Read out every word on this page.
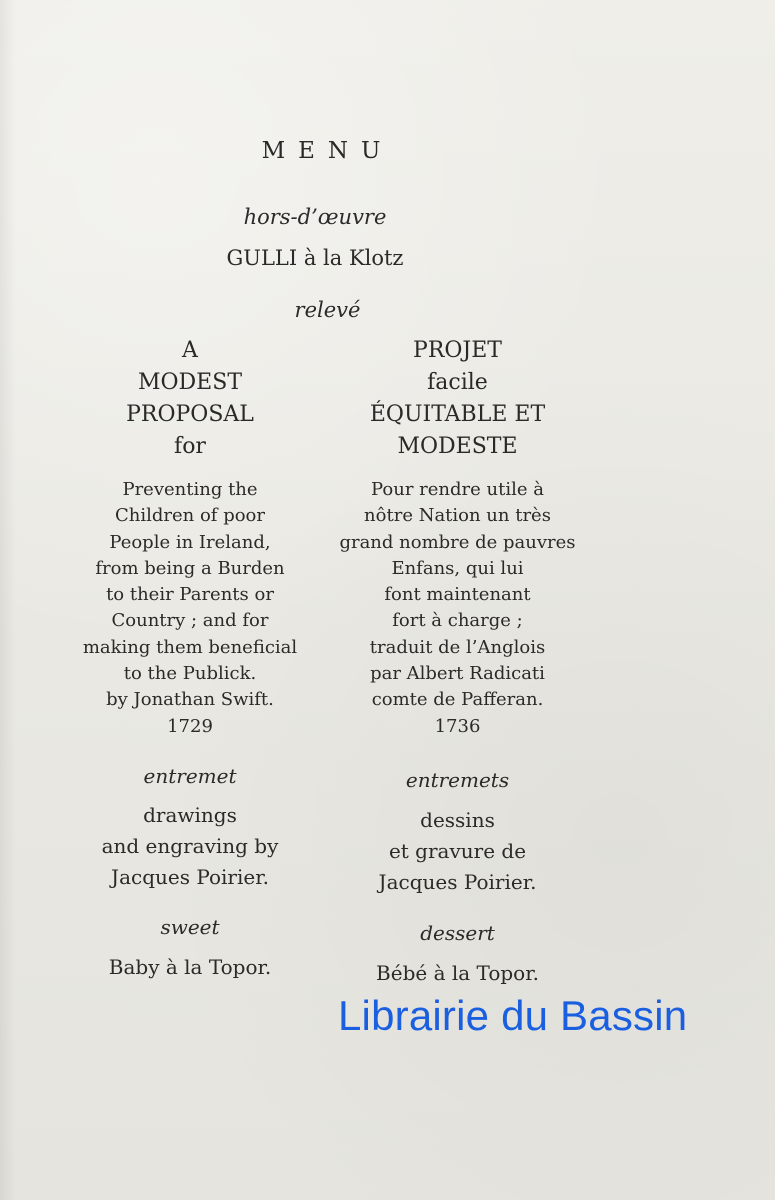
MENU
hors-d’œuvre
GULLI à la Klotz
relevé
A
MODEST
PROPOSAL
for
Preventing the
Children of poor
People in Ireland,
from being a Burden
to their Parents or
Country ; and for
making them beneficial
to the Publick.
by Jonathan Swift.
1729
entremet
drawings
and engraving by
Jacques Poirier.
sweet
Baby à la Topor.
PROJET
facile
ÉQUITABLE ET
MODESTE
Pour rendre utile à
nôtre Nation un très
grand nombre de pauvres
Enfans, qui lui
font maintenant
fort à charge ;
traduit de l’Anglois
par Albert Radicati
comte de Pafferan.
1736
entremets
dessins
et gravure de
Jacques Poirier.
dessert
Bébé à la Topor.
Librairie du Bassin
